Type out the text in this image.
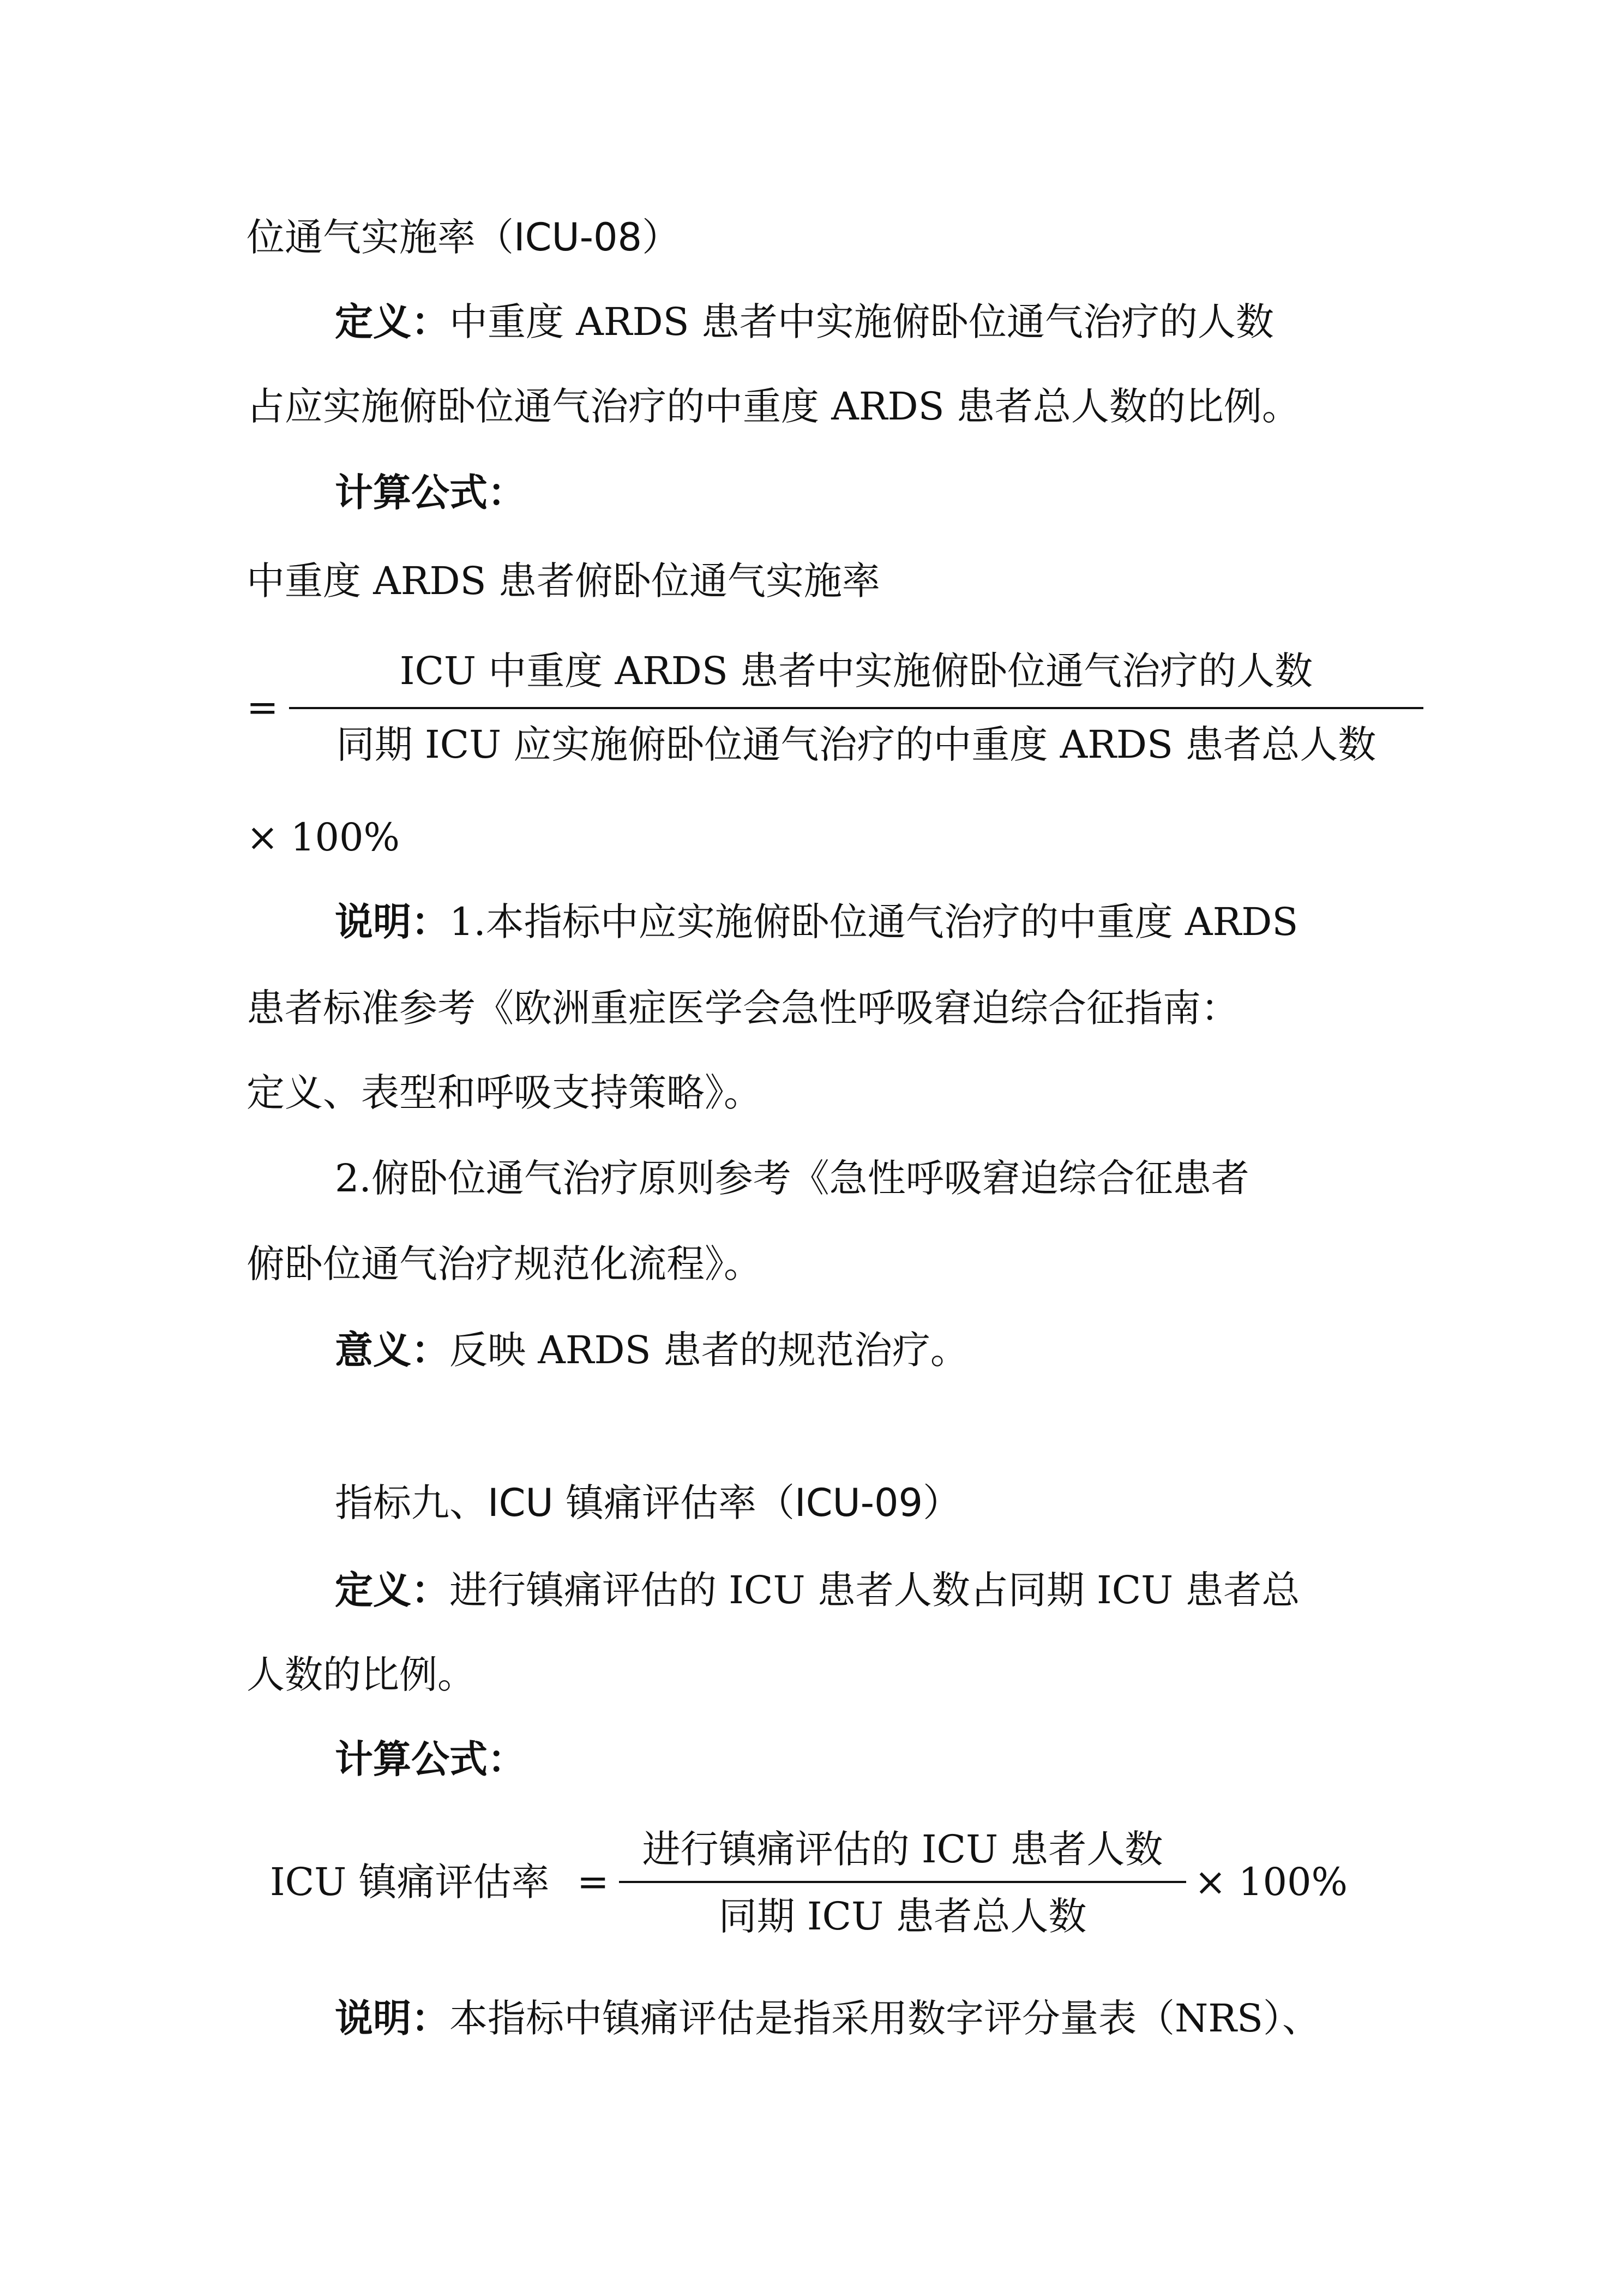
位通气实施率（ICU-08）
定义：中重度 ARDS 患者中实施俯卧位通气治疗的人数
占应实施俯卧位通气治疗的中重度 ARDS 患者总人数的比例。
计算公式：
中重度 ARDS 患者俯卧位通气实施率
=
ICU 中重度 ARDS 患者中实施俯卧位通气治疗的人数
同期 ICU 应实施俯卧位通气治疗的中重度 ARDS 患者总人数
× 100%
说明：1.本指标中应实施俯卧位通气治疗的中重度 ARDS
患者标准参考《欧洲重症医学会急性呼吸窘迫综合征指南：
定义、表型和呼吸支持策略》。
2.俯卧位通气治疗原则参考《急性呼吸窘迫综合征患者
俯卧位通气治疗规范化流程》。
意义：反映 ARDS 患者的规范治疗。
指标九、ICU 镇痛评估率（ICU-09）
定义：进行镇痛评估的 ICU 患者人数占同期 ICU 患者总
人数的比例。
计算公式：
ICU 镇痛评估率 =
进行镇痛评估的 ICU 患者人数
同期 ICU 患者总人数
× 100%
说明：本指标中镇痛评估是指采用数字评分量表（NRS）、
